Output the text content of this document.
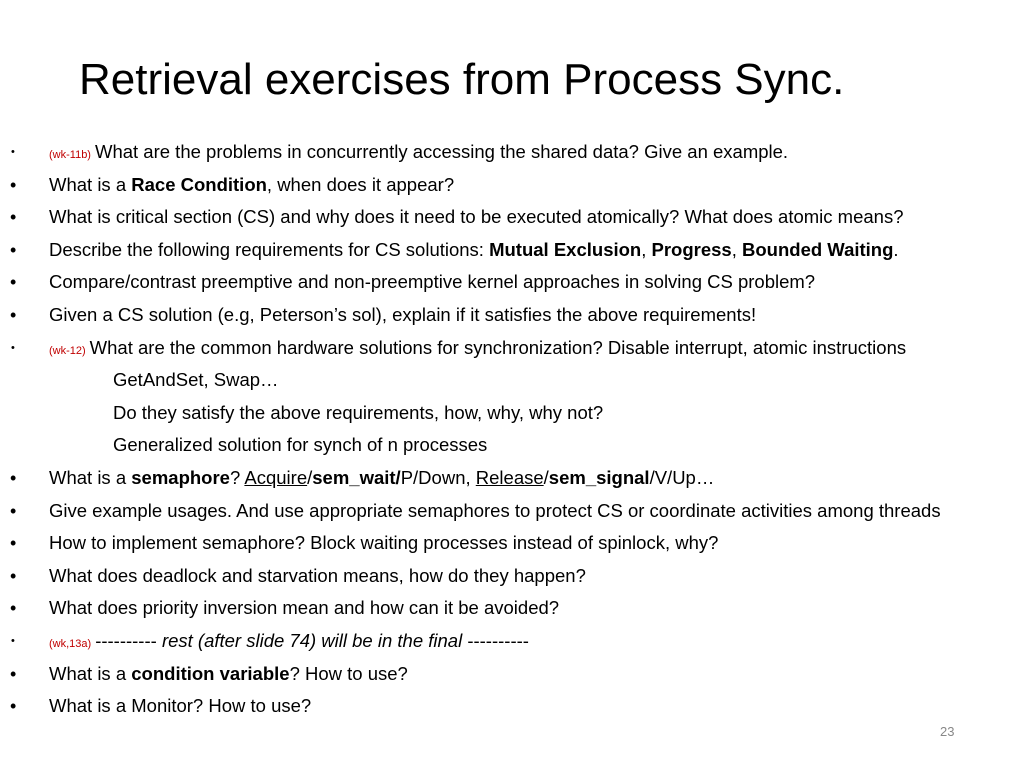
Retrieval exercises from Process Sync.
•	(wk-11b) What are the problems in concurrently accessing the shared data? Give an example.
• What is a Race Condition, when does it appear?
• What is critical section (CS) and why does it need to be executed atomically? What does atomic means?
• Describe the following requirements for CS solutions: Mutual Exclusion, Progress, Bounded Waiting.
• Compare/contrast preemptive and non-preemptive kernel approaches in solving CS problem?
• Given a CS solution (e.g, Peterson’s sol), explain if it satisfies the above requirements!
•	(wk-12) What are the common hardware solutions for synchronization? Disable interrupt, atomic instructions
GetAndSet, Swap…
Do they satisfy the above requirements, how, why, why not?
Generalized solution for synch of n processes
• What is a semaphore? Acquire/sem_wait/P/Down, Release/sem_signal/V/Up…
• Give example usages. And use appropriate semaphores to protect CS or coordinate activities among threads
• How to implement semaphore? Block waiting processes instead of spinlock, why?
• What does deadlock and starvation means, how do they happen?
• What does priority inversion mean and how can it be avoided?
•	(wk,13a) ---------- rest (after slide 74) will be in the final ----------
• What is a condition variable? How to use?
• What is a Monitor? How to use?
23
